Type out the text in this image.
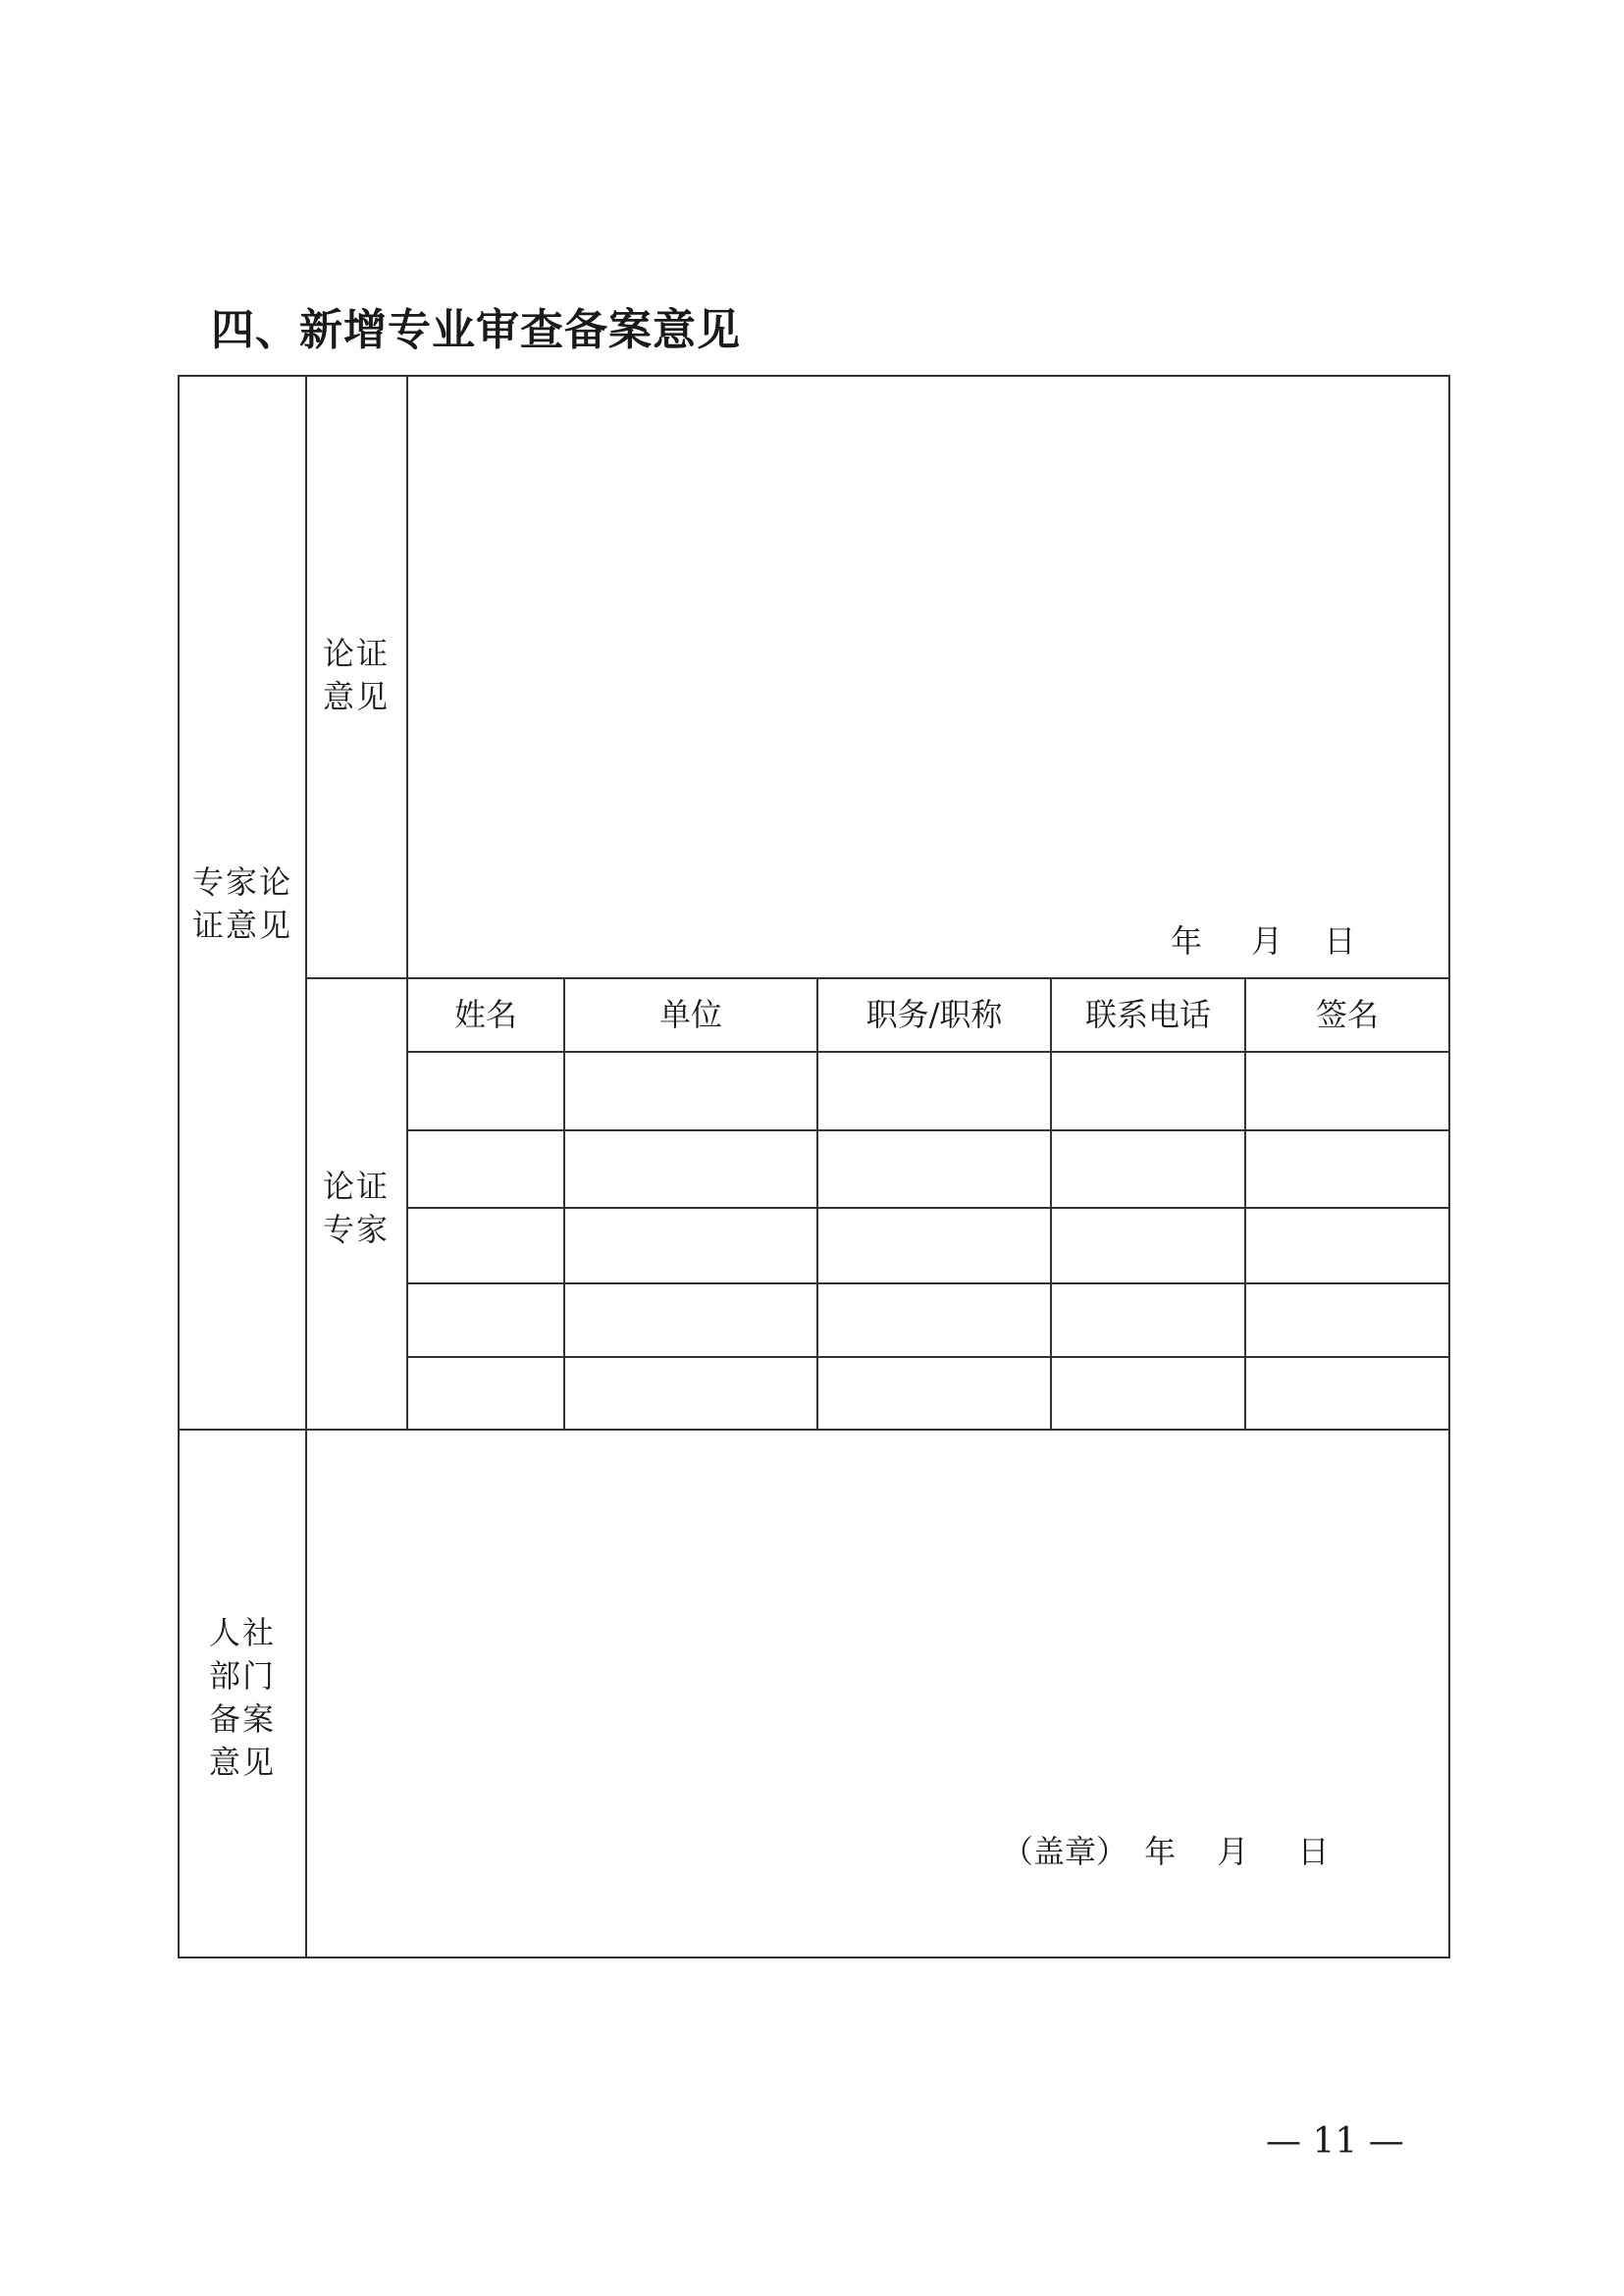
四、新增专业审查备案意见
专家论
证意见
论证
意见
年 月 日
论证
专家
姓名	单位	职务/职称	联系电话	签名
人社
部门
备案
意见
（盖章） 年 月 日
— 11 —
